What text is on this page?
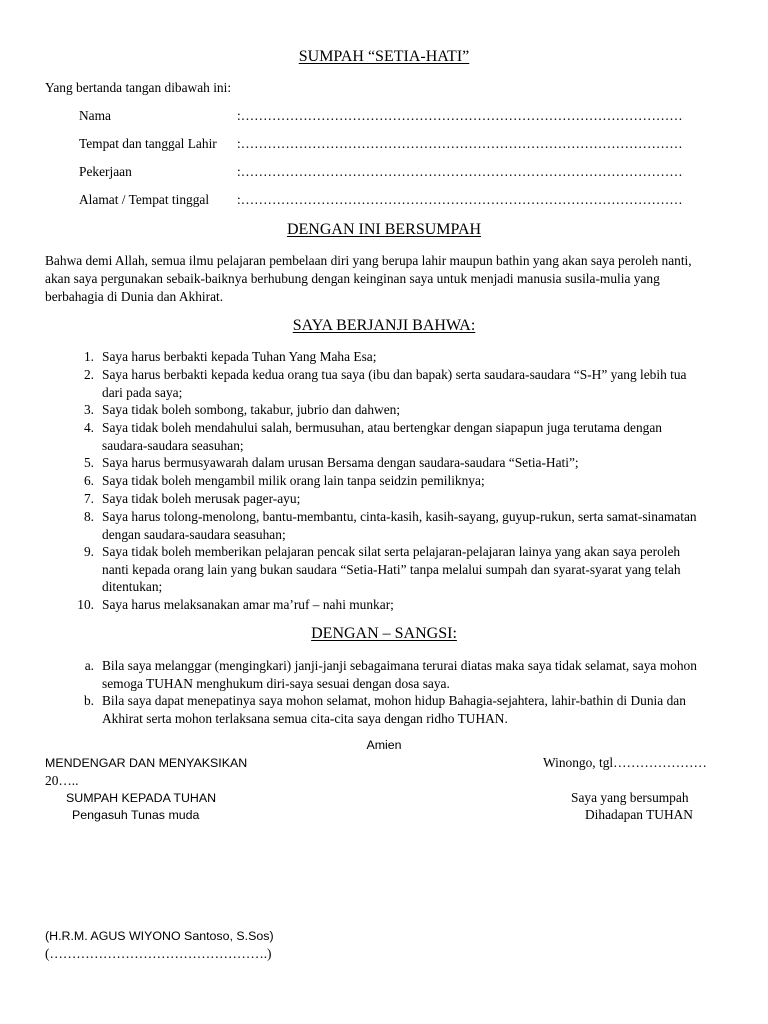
SUMPAH “SETIA-HATI”
Yang bertanda tangan dibawah ini:
Nama	:………………………………………………………………………………………
Tempat dan tanggal Lahir :………………………………………………………………………………………
Pekerjaan	:………………………………………………………………………………………
Alamat / Tempat tinggal :………………………………………………………………………………………
DENGAN INI BERSUMPAH
Bahwa demi Allah, semua ilmu pelajaran pembelaan diri yang berupa lahir maupun bathin yang akan saya peroleh nanti,
akan saya pergunakan sebaik-baiknya berhubung dengan keinginan saya untuk menjadi manusia susila-mulia yang
berbahagia di Dunia dan Akhirat.
SAYA BERJANJI BAHWA:
1. Saya harus berbakti kepada Tuhan Yang Maha Esa;
2. Saya harus berbakti kepada kedua orang tua saya (ibu dan bapak) serta saudara-saudara “S-H” yang lebih tua
dari pada saya;
3. Saya tidak boleh sombong, takabur, jubrio dan dahwen;
4. Saya tidak boleh mendahului salah, bermusuhan, atau bertengkar dengan siapapun juga terutama dengan
saudara-saudara seasuhan;
5. Saya harus bermusyawarah dalam urusan Bersama dengan saudara-saudara “Setia-Hati”;
6. Saya tidak boleh mengambil milik orang lain tanpa seidzin pemiliknya;
7. Saya tidak boleh merusak pager-ayu;
8. Saya harus tolong-menolong, bantu-membantu, cinta-kasih, kasih-sayang, guyup-rukun, serta samat-sinamatan
dengan saudara-saudara seasuhan;
9. Saya tidak boleh memberikan pelajaran pencak silat serta pelajaran-pelajaran lainya yang akan saya peroleh
nanti kepada orang lain yang bukan saudara “Setia-Hati” tanpa melalui sumpah dan syarat-syarat yang telah
ditentukan;
10. Saya harus melaksanakan amar ma’ruf – nahi munkar;
DENGAN – SANGSI:
a. Bila saya melanggar (mengingkari) janji-janji sebagaimana terurai diatas maka saya tidak selamat, saya mohon
semoga TUHAN menghukum diri-saya sesuai dengan dosa saya.
b. Bila saya dapat menepatinya saya mohon selamat, mohon hidup Bahagia-sejahtera, lahir-bathin di Dunia dan
Akhirat serta mohon terlaksana semua cita-cita saya dengan ridho TUHAN.
Amien
MENDENGAR DAN MENYAKSIKAN	Winongo, tgl…………………
20…..
SUMPAH KEPADA TUHAN
Pengasuh Tunas muda
Saya yang bersumpah
Dihadapan TUHAN
(H.R.M. AGUS WIYONO Santoso, S.Sos)
(………………………………………….)
